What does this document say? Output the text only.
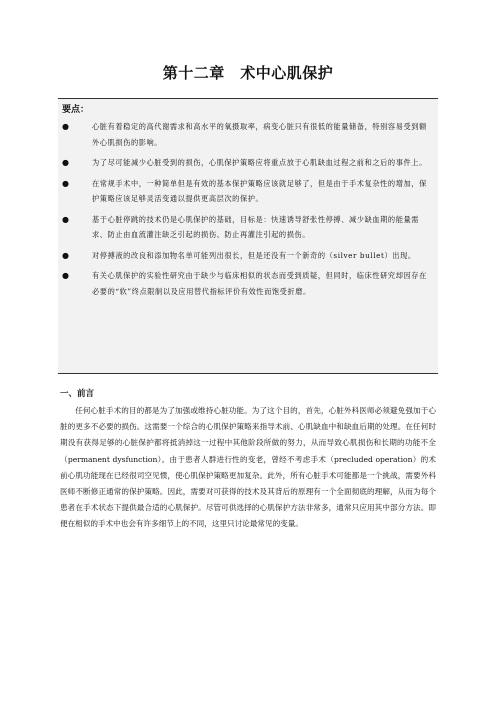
第十二章　术中心肌保护
要点：
●	心脏有着稳定的高代谢需求和高水平的氧摄取率，病变心脏只有很低的能量储备，特别容易受到额外心肌损伤的影响。
●	为了尽可能减少心脏受到的损伤，心肌保护策略应将重点放于心肌缺血过程之前和之后的事件上。
●	在常规手术中，一种简单但是有效的基本保护策略应该就足够了，但是由于手术复杂性的增加，保护策略应该足够灵活变通以提供更高层次的保护。
●	基于心脏停跳的技术仍是心肌保护的基础，目标是：快速诱导舒张性停搏、减少缺血期的能量需求、防止由血流灌注缺乏引起的损伤、防止再灌注引起的损伤。
●	对停搏液的改良和添加物名单可能列出很长，但是还没有一个新奇的（silver bullet）出现。
●	有关心肌保护的实验性研究由于缺少与临床相似的状态而受到质疑，但同时，临床性研究却因存在必要的“软”终点限制以及应用替代指标评价有效性而饱受折磨。
一、前言

任何心脏手术的目的都是为了加强或维持心脏功能。为了这个目的，首先，心脏外科医师必须避免强加于心脏的更多不必要的损伤。这需要一个综合的心肌保护策略来指导术前、心肌缺血中和缺血后期的处理。在任何时期没有获得足够的心脏保护都将抵消掉这一过程中其他阶段所做的努力，从而导致心肌损伤和长期的功能不全（permanent dysfunction）。由于患者人群进行性的变老，曾经不考虑手术（precluded operation）的术前心肌功能现在已经很司空见惯，使心肌保护策略更加复杂。此外，所有心脏手术可能都是一个挑战，需要外科医师不断修正通常的保护策略。因此，需要对可获得的技术及其背后的原理有一个全面彻底的理解，从而为每个患者在手术状态下提供最合适的心肌保护。尽管可供选择的心肌保护方法非常多，通常只应用其中部分方法。即便在相似的手术中也会有许多细节上的不同，这里只讨论最常见的变量。
